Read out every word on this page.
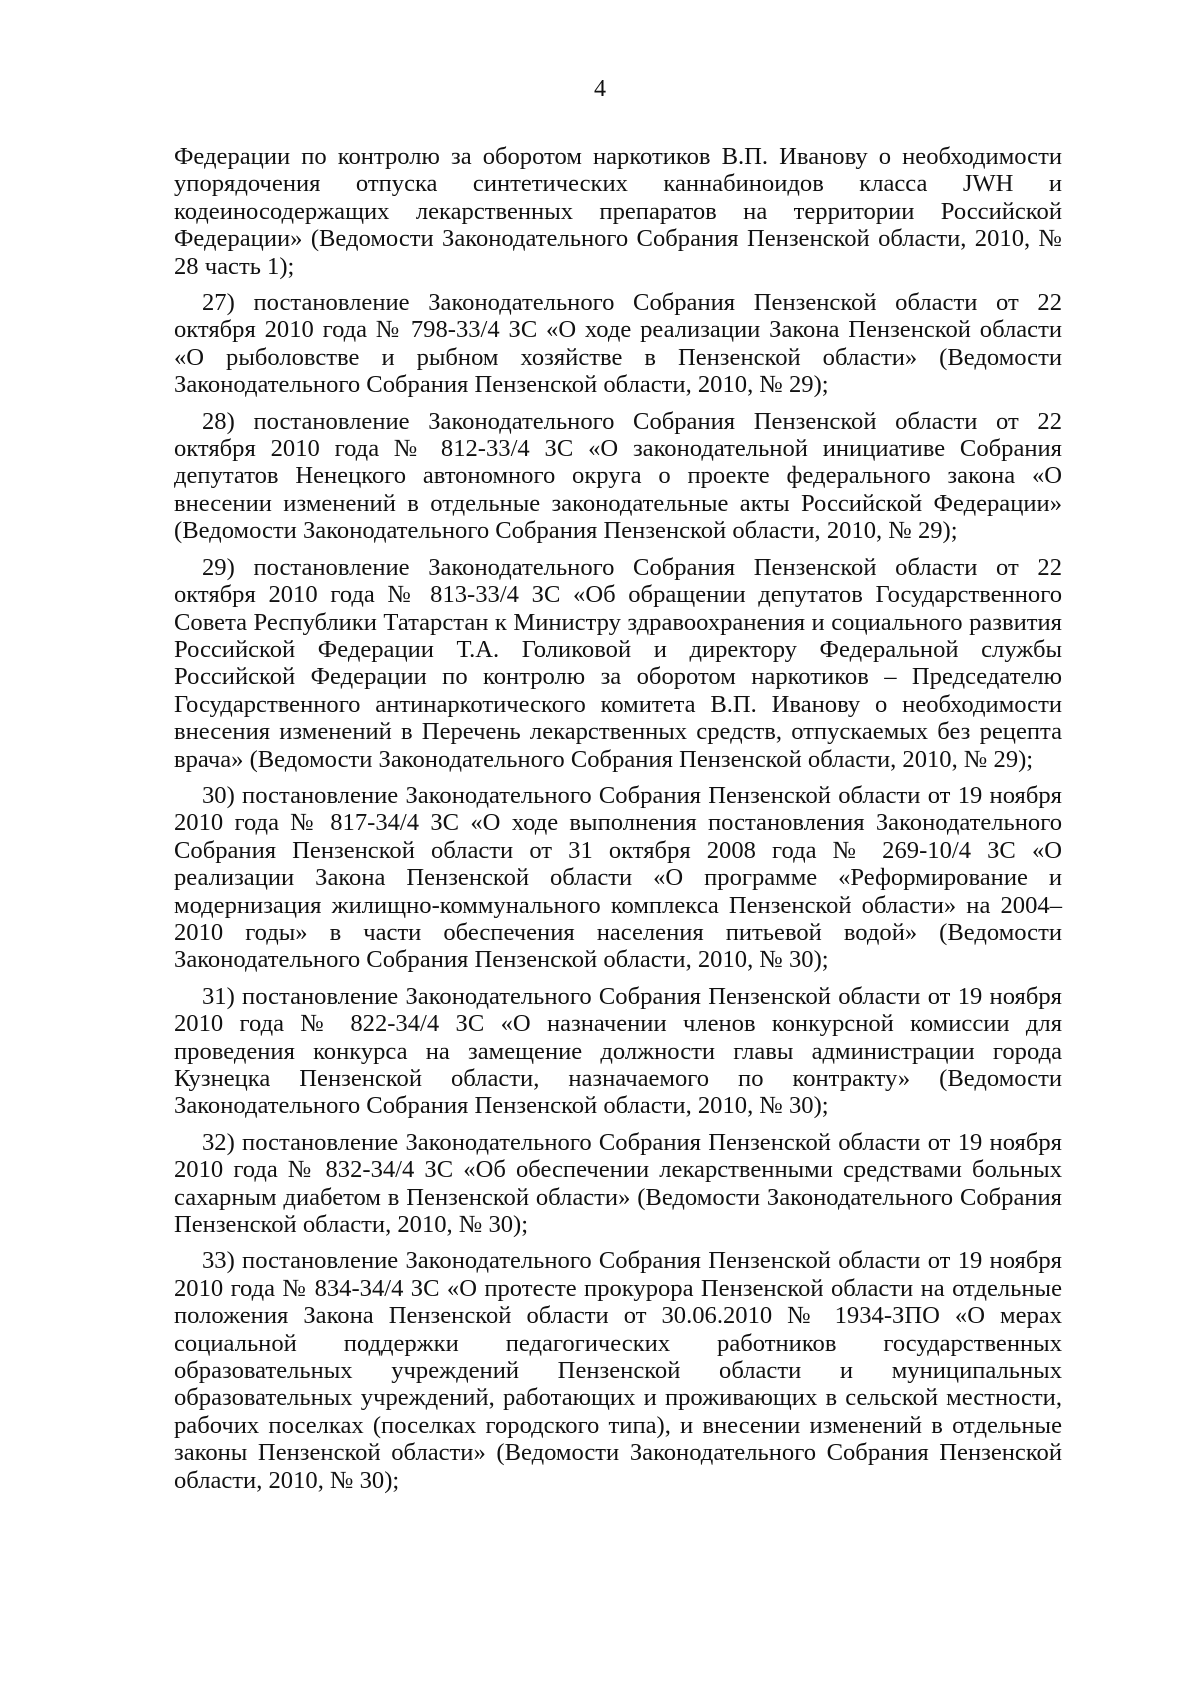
4

Федерации по контролю за оборотом наркотиков В.П. Иванову о необходимости упорядочения отпуска синтетических каннабиноидов класса JWH и кодеиносодержащих лекарственных препаратов на территории Российской Федерации» (Ведомости Законодательного Собрания Пензенской области, 2010, № 28 часть 1);

27) постановление Законодательного Собрания Пензенской области от 22 октября 2010 года № 798-33/4 ЗС «О ходе реализации Закона Пензенской области «О рыболовстве и рыбном хозяйстве в Пензенской области» (Ведомости Законодательного Собрания Пензенской области, 2010, № 29);

28) постановление Законодательного Собрания Пензенской области от 22 октября 2010 года № 812-33/4 ЗС «О законодательной инициативе Собрания депутатов Ненецкого автономного округа о проекте федерального закона «О внесении изменений в отдельные законодательные акты Российской Федерации» (Ведомости Законодательного Собрания Пензенской области, 2010, № 29);

29) постановление Законодательного Собрания Пензенской области от 22 октября 2010 года № 813-33/4 ЗС «Об обращении депутатов Государственного Совета Республики Татарстан к Министру здравоохранения и социального развития Российской Федерации Т.А. Голиковой и директору Федеральной службы Российской Федерации по контролю за оборотом наркотиков – Председателю Государственного антинаркотического комитета В.П. Иванову о необходимости внесения изменений в Перечень лекарственных средств, отпускаемых без рецепта врача» (Ведомости Законодательного Собрания Пензенской области, 2010, № 29);

30) постановление Законодательного Собрания Пензенской области от 19 ноября 2010 года № 817-34/4 ЗС «О ходе выполнения постановления Законодательного Собрания Пензенской области от 31 октября 2008 года № 269-10/4 ЗС «О реализации Закона Пензенской области «О программе «Реформирование и модернизация жилищно-коммунального комплекса Пензенской области» на 2004–2010 годы» в части обеспечения населения питьевой водой» (Ведомости Законодательного Собрания Пензенской области, 2010, № 30);

31) постановление Законодательного Собрания Пензенской области от 19 ноября 2010 года № 822-34/4 ЗС «О назначении членов конкурсной комиссии для проведения конкурса на замещение должности главы администрации города Кузнецка Пензенской области, назначаемого по контракту» (Ведомости Законодательного Собрания Пензенской области, 2010, № 30);

32) постановление Законодательного Собрания Пензенской области от 19 ноября 2010 года № 832-34/4 ЗС «Об обеспечении лекарственными средствами больных сахарным диабетом в Пензенской области» (Ведомости Законодательного Собрания Пензенской области, 2010, № 30);

33) постановление Законодательного Собрания Пензенской области от 19 ноября 2010 года № 834-34/4 ЗС «О протесте прокурора Пензенской области на отдельные положения Закона Пензенской области от 30.06.2010 № 1934-ЗПО «О мерах социальной поддержки педагогических работников государственных образовательных учреждений Пензенской области и муниципальных образовательных учреждений, работающих и проживающих в сельской местности, рабочих поселках (поселках городского типа), и внесении изменений в отдельные законы Пензенской области» (Ведомости Законодательного Собрания Пензенской области, 2010, № 30);
